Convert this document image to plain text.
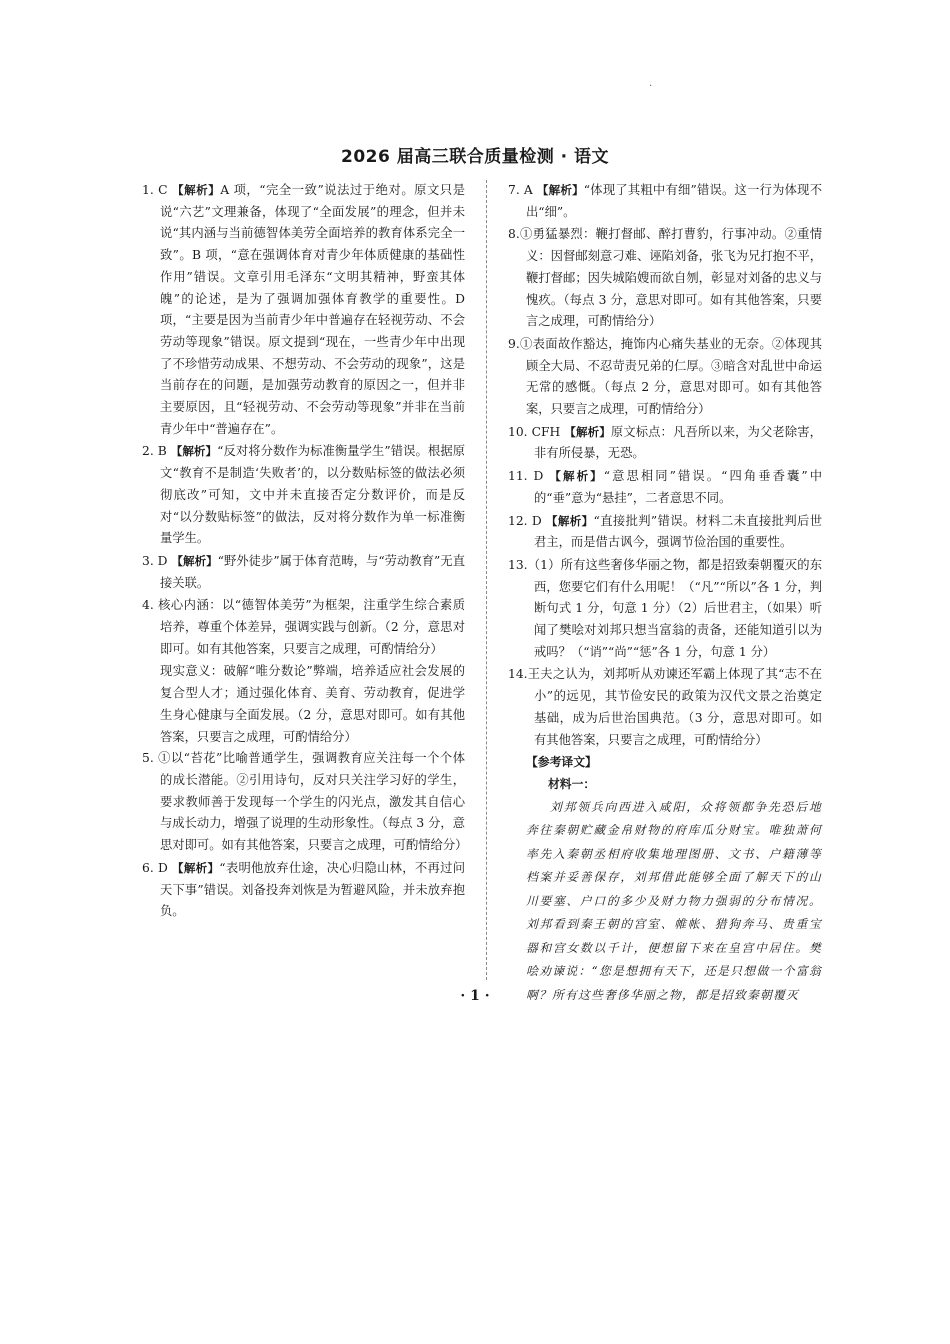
.
2026 届高三联合质量检测 · 语文

1. C 【解析】A 项，“完全一致”说法过于绝对。原文只是说“六艺”文理兼备，体现了“全面发展”的理念，但并未说“其内涵与当前德智体美劳全面培养的教育体系完全一致”。B 项，“意在强调体育对青少年体质健康的基础性作用”错误。文章引用毛泽东“文明其精神，野蛮其体魄”的论述，是为了强调加强体育教学的重要性。D 项，“主要是因为当前青少年中普遍存在轻视劳动、不会劳动等现象”错误。原文提到“现在，一些青少年中出现了不珍惜劳动成果、不想劳动、不会劳动的现象”，这是当前存在的问题，是加强劳动教育的原因之一，但并非主要原因，且“轻视劳动、不会劳动等现象”并非在当前青少年中“普遍存在”。

2. B 【解析】“反对将分数作为标准衡量学生”错误。根据原文“教育不是制造‘失败者’的，以分数贴标签的做法必须彻底改”可知，文中并未直接否定分数评价，而是反对“以分数贴标签”的做法，反对将分数作为单一标准衡量学生。

3. D 【解析】“野外徒步”属于体育范畴，与“劳动教育”无直接关联。

4. 核心内涵：以“德智体美劳”为框架，注重学生综合素质培养，尊重个体差异，强调实践与创新。（2 分，意思对即可。如有其他答案，只要言之成理，可酌情给分）

现实意义：破解“唯分数论”弊端，培养适应社会发展的复合型人才；通过强化体育、美育、劳动教育，促进学生身心健康与全面发展。（2 分，意思对即可。如有其他答案，只要言之成理，可酌情给分）

5. ①以“苔花”比喻普通学生，强调教育应关注每一个个体的成长潜能。②引用诗句，反对只关注学习好的学生，要求教师善于发现每一个学生的闪光点，激发其自信心与成长动力，增强了说理的生动形象性。（每点 3 分，意思对即可。如有其他答案，只要言之成理，可酌情给分）

6. D 【解析】“表明他放弃仕途，决心归隐山林，不再过问天下事”错误。刘备投奔刘恢是为暂避风险，并未放弃抱负。

7. A 【解析】“体现了其粗中有细”错误。这一行为体现不出“细”。

8.①勇猛暴烈：鞭打督邮、醉打曹豹，行事冲动。②重情义：因督邮刻意刁难、诬陷刘备，张飞为兄打抱不平，鞭打督邮；因失城陷嫂而欲自刎，彰显对刘备的忠义与愧疚。（每点 3 分，意思对即可。如有其他答案，只要言之成理，可酌情给分）

9.①表面故作豁达，掩饰内心痛失基业的无奈。②体现其顾全大局、不忍苛责兄弟的仁厚。③暗含对乱世中命运无常的感慨。（每点 2 分，意思对即可。如有其他答案，只要言之成理，可酌情给分）

10. CFH 【解析】原文标点：凡吾所以来，为父老除害，非有所侵暴，无恐。

11. D 【解析】“意思相同”错误。“四角垂香囊”中的“垂”意为“悬挂”，二者意思不同。

12. D 【解析】“直接批判”错误。材料二未直接批判后世君主，而是借古讽今，强调节俭治国的重要性。

13.（1）所有这些奢侈华丽之物，都是招致秦朝覆灭的东西，您要它们有什么用呢！（“凡”“所以”各 1 分，判断句式 1 分，句意 1 分）（2）后世君主，（如果）听闻了樊哙对刘邦只想当富翁的责备，还能知道引以为戒吗？（“诮”“尚”“惩”各 1 分，句意 1 分）

14.王夫之认为，刘邦听从劝谏还军霸上体现了其“志不在小”的远见，其节俭安民的政策为汉代文景之治奠定基础，成为后世治国典范。（3 分，意思对即可。如有其他答案，只要言之成理，可酌情给分）

【参考译文】

材料一：

刘邦领兵向西进入咸阳，众将领都争先恐后地奔往秦朝贮藏金帛财物的府库瓜分财宝。唯独萧何率先入秦朝丞相府收集地理图册、文书、户籍薄等档案并妥善保存，刘邦借此能够全面了解天下的山川要塞、户口的多少及财力物力强弱的分布情况。刘邦看到秦王朝的宫室、帷帐、猎狗奔马、贵重宝器和宫女数以千计，便想留下来在皇宫中居住。樊哙劝谏说：“您是想拥有天下，还是只想做一个富翁啊？所有这些奢侈华丽之物，都是招致秦朝覆灭

· 1 ·
